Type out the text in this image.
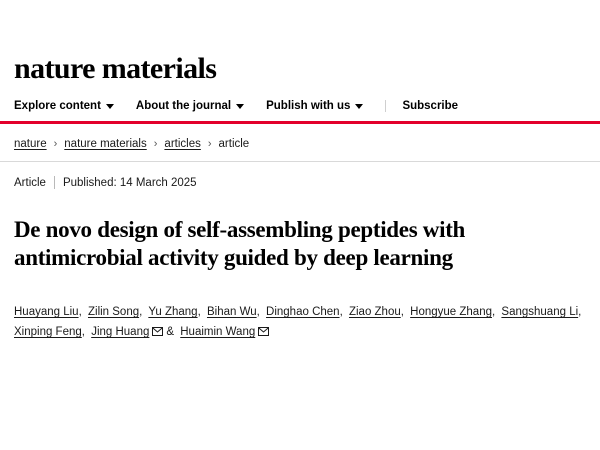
nature materials
Explore content	About the journal	Publish with us	Subscribe
nature › nature materials › articles › article
Article Published: 14 March 2025
De novo design of self-assembling peptides with antimicrobial activity guided by deep learning
Huayang Liu, Zilin Song, Yu Zhang, Bihan Wu, Dinghao Chen, Ziao Zhou, Hongyue Zhang, Sangshuang Li, Xinping Feng, Jing Huang & Huaimin Wang
